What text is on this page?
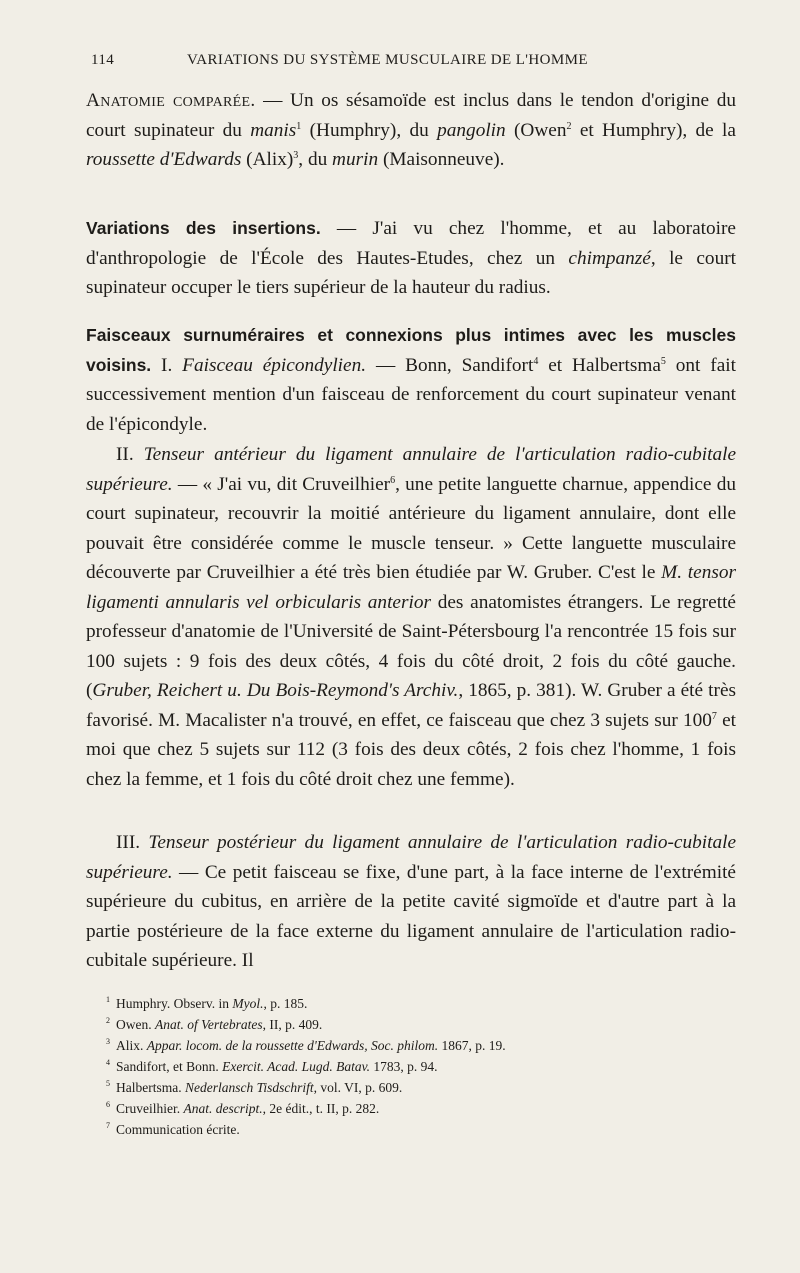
114	VARIATIONS DU SYSTÈME MUSCULAIRE DE L'HOMME

Anatomie comparée. — Un os sésamoïde est inclus dans le tendon d'origine du court supinateur du manis$^1$ (Humphry), du pangolin (Owen$^2$ et Humphry), de la roussette d'Edwards (Alix)$^3$, du murin (Maisonneuve).

Variations des insertions. — J'ai vu chez l'homme, et au laboratoire d'anthropologie de l'École des Hautes-Etudes, chez un chimpanzé, le court supinateur occuper le tiers supérieur de la hauteur du radius.

Faisceaux surnuméraires et connexions plus intimes avec les muscles voisins. I. Faisceau épicondylien. — Bonn, Sandifort$^4$ et Halbertsma$^5$ ont fait successivement mention d'un faisceau de renforcement du court supinateur venant de l'épicondyle.

II. Tenseur antérieur du ligament annulaire de l'articulation radio-cubitale supérieure. — « J'ai vu, dit Cruveilhier$^6$, une petite languette charnue, appendice du court supinateur, recouvrir la moitié antérieure du ligament annulaire, dont elle pouvait être considérée comme le muscle tenseur. » Cette languette musculaire découverte par Cruveilhier a été très bien étudiée par W. Gruber. C'est le M. tensor ligamenti annularis vel orbicularis anterior des anatomistes étrangers. Le regretté professeur d'anatomie de l'Université de Saint-Pétersbourg l'a rencontrée 15 fois sur 100 sujets : 9 fois des deux côtés, 4 fois du côté droit, 2 fois du côté gauche. (Gruber, Reichert u. Du Bois-Reymond's Archiv., 1865, p. 381). W. Gruber a été très favorisé. M. Macalister n'a trouvé, en effet, ce faisceau que chez 3 sujets sur $100^7$ et moi que chez 5 sujets sur 112 (3 fois des deux côtés, 2 fois chez l'homme, 1 fois chez la femme, et 1 fois du côté droit chez une femme).

III. Tenseur postérieur du ligament annulaire de l'articulation radio-cubitale supérieure. — Ce petit faisceau se fixe, d'une part, à la face interne de l'extrémité supérieure du cubitus, en arrière de la petite cavité sigmoïde et d'autre part à la partie postérieure de la face externe du ligament annulaire de l'articulation radio-cubitale supérieure. Il

$^1$ Humphry. Observ. in Myol., p. 185.

$^2$ Owen. Anat. of Vertebrates, II, p. 409.

$^3$ Alix. Appar. locom. de la roussette d'Edwards, Soc. philom. 1867, p. 19.

$^4$ Sandifort, et Bonn. Exercit. Acad. Lugd. Batav. 1783, p. 94.

$^5$ Halbertsma. Nederlansch Tisdschrift, vol. VI, p. 609.

$^6$ Cruveilhier. Anat. descript., 2e édit., t. II, p. 282.

$^7$ Communication écrite.
